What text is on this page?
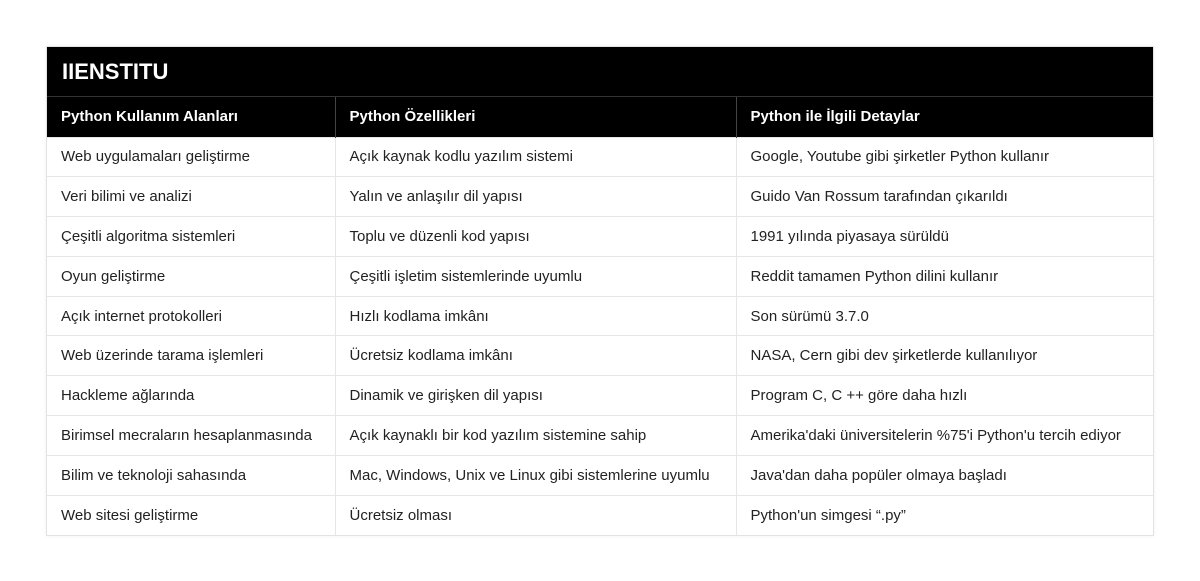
IIENSTITU
Python Kullanım Alanları	Python Özellikleri	Python ile İlgili Detaylar
Web uygulamaları geliştirme	Açık kaynak kodlu yazılım sistemi	Google, Youtube gibi şirketler Python kullanır
Veri bilimi ve analizi	Yalın ve anlaşılır dil yapısı	Guido Van Rossum tarafından çıkarıldı
Çeşitli algoritma sistemleri	Toplu ve düzenli kod yapısı	1991 yılında piyasaya sürüldü
Oyun geliştirme	Çeşitli işletim sistemlerinde uyumlu	Reddit tamamen Python dilini kullanır
Açık internet protokolleri	Hızlı kodlama imkânı	Son sürümü 3.7.0
Web üzerinde tarama işlemleri	Ücretsiz kodlama imkânı	NASA, Cern gibi dev şirketlerde kullanılıyor
Hackleme ağlarında	Dinamik ve girişken dil yapısı	Program C, C ++ göre daha hızlı
Birimsel mecraların hesaplanmasında	Açık kaynaklı bir kod yazılım sistemine sahip	Amerika'daki üniversitelerin %75'i Python'u tercih ediyor
Bilim ve teknoloji sahasında	Mac, Windows, Unix ve Linux gibi sistemlerine uyumlu	Java'dan daha popüler olmaya başladı
Web sitesi geliştirme	Ücretsiz olması	Python'un simgesi “.py”
